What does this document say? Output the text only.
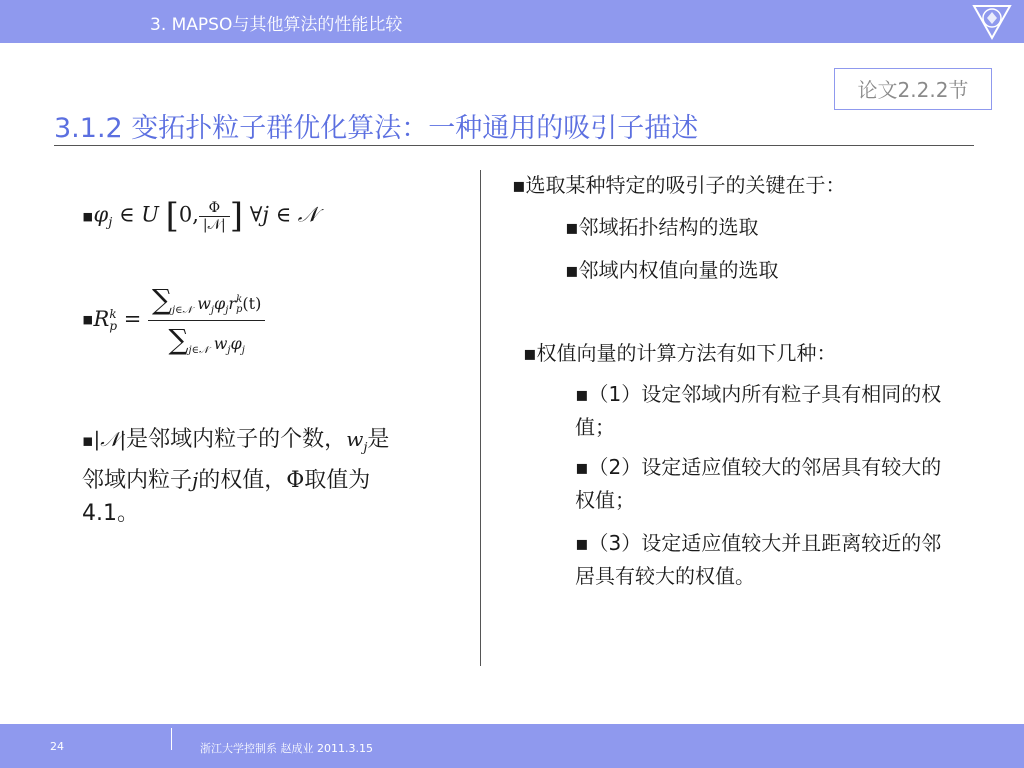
3. MAPSO与其他算法的性能比较
论文2.2.2节
3.1.2 变拓扑粒子群优化算法：一种通用的吸引子描述
$▪\varphi_j$ ∈ U [0, $\frac{\Phi}{\text{|𝒩|}}$ ] ∀j ∈ 𝒩
▪R k
$p = \sum_{j\in 𝒩}$ $w_j\varphi_jr$ k
p (t)
$\sum_{j\in 𝒩}$ $w_j\varphi_j$
▪|𝒩|是邻域内粒子的个数，$w_j$是
邻域内粒子j的权值，Φ取值为
4.1。
▪选取某种特定的吸引子的关键在于：
▪邻域拓扑结构的选取
▪邻域内权值向量的选取
▪权值向量的计算方法有如下几种：
▪（1）设定邻域内所有粒子具有相同的权值；
▪（2）设定适应值较大的邻居具有较大的权值；
▪（3）设定适应值较大并且距离较近的邻居具有较大的权值。
24	浙江大学控制系 赵成业 2011.3.15
